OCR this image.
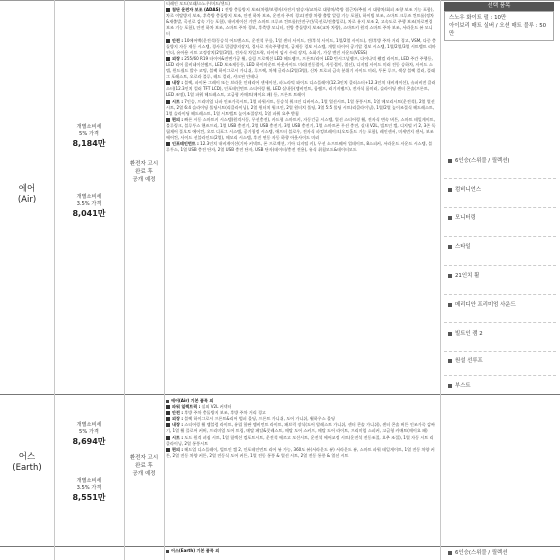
에어
(Air)
개별소비세
5% 가격
8,184만
개별소비세
3.5% 가격
8,041만
환전자 고시
완료 후
공개 예정

티레인 모드(모래/스노우/머드/샌드)

첨단 운전자 보조 (ADAS) : 전방 충돌방지 보조(차량/보행자/자전거 탑승자/교차로 대향차/측방 접근차/추월 시 대향차/회피 조향 보조 기능 포함), 차로 이탈방지 보조, 후측방 충돌방지 보조, 안전 하차 보조, 운전자 주의 경고(전방 차량 출발 알림 기능 포함), 하이빔 보조, 스마트 크루즈 컨트롤(정차&재출발, 곡선로 감속 기능 포함), 내비게이션 기반 스마트 크루즈 컨트롤(안전구간/곡선로/진출입로), 차로 유지 보조 2, 고속도로 주행 보조(차로변경 보조 기능 포함), 안전 하차 보조, 스마트 주차 경보, 후측방 모니터, 전방 충돌방지 보조(교차 차량), 스마트키 원격 스마트 주차 보조, 서라운드 뷰 모니터

안전 : 10에어백(운전석/동승석 어드밴스드, 운전석 무릎, 1열 센터 사이드, 전/후석 사이드, 1열/2열 사이드), 전/후방 주차 거리 경고, VSM, 다중 충돌방지 자동 제동 시스템, 경사로 밀림방지장치, 경사로 저속주행장치, 급제동 경보 시스템, 개별 타이어 공기압 경보 시스템, 1열/2열/3열 시트벨트 리마인더, 유아용 시트 고정장치(2열/3열), 전자식 차일드락, 타이어 임시 수리 장치, 소화기, 가상 엔진 사운드(VESS)

외장 : 255/60 R19 타이어&전면가공 휠, 슬림 프로젝션 LED 헤드램프, 프론트/리어 LED 턴시그널램프, 다이나믹 웰컴 라이트, LED 주간 주행등, LED 리어 콤비네이션램프, LED 보조제동등, LED 하이마운트 아웃사이드 미러(전동접이, 자동접이, 열선), 디지털 사이드 미러 전동 승하차, 사이드 스텝, 윈드쉴드 발수 코팅, 블랙 하이그로시 가니쉬, 루프랙, 차체 글라스(2열/3열), 신차 트로피 금속 분위기 사이드 미러, 투톤 루프, 색상 블랙 컬러, 플래그 포레스트, 오로라 블루, 레드 컬러, 샤크핀 안테나

내장 : 블랙, 파이톤 그레이 또는 브라운 인테리어 센세이션, 파노라믹 와이드 디스플레이(12.3인치 클러스터+12.3인치 내비게이션), 슈퍼비전 클러스터(12.3인치 컬러 TFT LCD), 인포테인먼트 스티어링 휠, LED 실내등(앰비언트, 룸램프, 러기지램프), 전자식 룸미러, 슬라이딩 센터 콘솔(프론트, LED 조명), 1열 파워 헤드레스트, 고급형 카매트(메이요 패) 등, 프론트 트레이

시트 : 7인승, 프리미엄 나파 인조가죽시트, 1열 파워시트, 동승석 워크인 디바이스, 1열 열선시트, 1열 통풍시트, 1열 메모리시트(운전석), 2열 열선시트, 2열 6:4 슬라이딩 폴딩시트(리클라이닝), 2열 원터치 워크인, 2열 원터치 폴딩, 3열 5:5 폴딩 시트(리클라이닝), 1열/2열 높이조절식 헤드레스트, 1열 슬라이딩 헤드레스트, 1열 시트벨트 높이조절장치, 1열 파워 요추 받침

편의 : 빠른 시동 스마트키 시스템(원격시동, 무선충전), 카드형 스마트키, 자동긴급 시스템, 열선 스티어링 휠, 전자식 변속 버튼, 스마트 테일게이트, 블루링크, 블루투스 핸즈프리, 1열 USB 충전기, 2열 USB 충전기, 3열 USB 충전기, 1열 스마트폰 무선 충전, 실내 V2L, 빌트인 캠, 디지털 키 2, 3존 독립제어 풀오토 에어컨, 오토 디포그 시스템, 공기청정 시스템, 애프터 블로우, 전자식 파킹브레이크(오토홀드 기능 포함), 레인센서, 미세먼지 센서, 보조 에어컨, 사이드 선블라인드(2열), 메모리 시스템, 후진 연동 자동 하향 아웃사이드 미러

인포테인먼트 : 12.3인치 내비게이션(기아 커넥트, 폰 프로젝션, 기아 디지털 키), 무선 소프트웨어 업데이트, 8스피커, 서라운드 사운드 시스템, 블루투스, 1열 USB 충전 단자, 2열 USB 충전 단자, USB 단자(데이터/충전 전용), 유식 취침모드&데이터모드

어스
(Earth)
개별소비세
5% 가격
8,694만
개별소비세
3.5% 가격
8,551만
환전자 고시
완료 후
공개 예정

에어(Air) 기본 품목 외

파워 일렉트릭 : 실외 V2L 커넥터

안전 : 후방 주차 충돌방지 보조, 후방 주차 거리 경고

외장 : 블랙 하이그로시 프론트&리어 범퍼 몰딩, 프론트 가니쉬, 도어 가니쉬, 휠하우스 몰딩

내장 : 스티어링 휠 앰블럼 라이트, 유럽 합판 앰비언트 라이트, 패브릭 장식(도어 암레스트 가니쉬, 센터 콘솔 가니쉬), 센터 콘솔 버튼 인조가죽 감싸기, 1열 휠 플로어 커버, 프리미엄 도어 트림, 메탈 페달&풋레스트, 메탈 도어 스커프, 메탈 도어 라이트, 프리미엄 스피커, 고급형 카매트(메이요 패)

시트 : 도드 원격 펴짐 시트, 1열 릴렉션 컴포트시트, 운전석 에르고 모션시트, 운전석 에어교정 시트(운전석 전동조절, 요추 조절), 1열 자동 시트 리클라이닝, 2열 통풍시트

편의 : 헤드업 디스플레이, 빌트인 캠 2, 인포테인먼트 리어 뷰 가능, 360도 뷰(서라운드 뷰) 서라운드 뷰, 스마트 파워 테일게이트, 1열 전동 차양 커튼, 2열 전동 차양 커튼, 2열 전동식 도어 커튼, 1열 전동 통풍 & 열선 시트, 2열 전동 통풍 & 열선 시트

어스(Earth) 기본 품목 외

선택 품목
스노우 화이트 펄 : 10만
아이보리 매트 실버 / 오션 매트 블루 : 50만
6인승(스위블 / 릴렉션)
컴비니언스
모니터링
스타일
21인치 휠
메리디안 프리미엄 사운드
빌트인 캠 2
원설 선루프
부스트
6인승(스위블 / 릴렉션
